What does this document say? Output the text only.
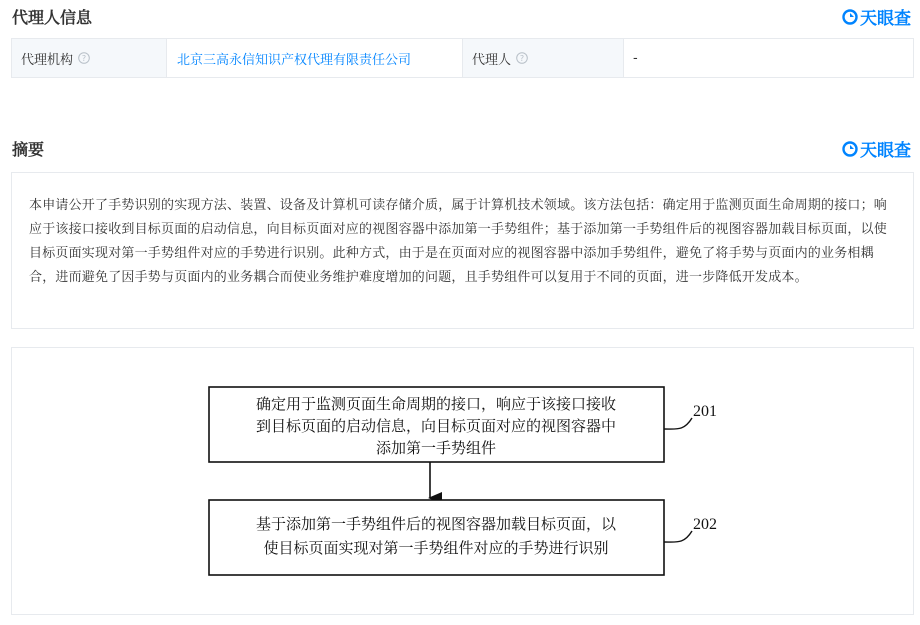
代理人信息	天眼查
代理机构 ?	北京三高永信知识产权代理有限责任公司	代理人 ?	-
摘要	天眼查
本申请公开了手势识别的实现方法、装置、设备及计算机可读存储介质，属于计算机技术领域。该方法包括：确定用于监测页面生命周期的接口；响应于该接口接收到目标页面的启动信息，向目标页面对应的视图容器中添加第一手势组件；基于添加第一手势组件后的视图容器加载目标页面，以使目标页面实现对第一手势组件对应的手势进行识别。此种方式，由于是在页面对应的视图容器中添加手势组件，避免了将手势与页面内的业务相耦合，进而避免了因手势与页面内的业务耦合而使业务维护难度增加的问题，且手势组件可以复用于不同的页面，进一步降低开发成本。
确定用于监测页面生命周期的接口，响应于该接口接收
到目标页面的启动信息，向目标页面对应的视图容器中
添加第一手势组件
201
基于添加第一手势组件后的视图容器加载目标页面，以
使目标页面实现对第一手势组件对应的手势进行识别
202
